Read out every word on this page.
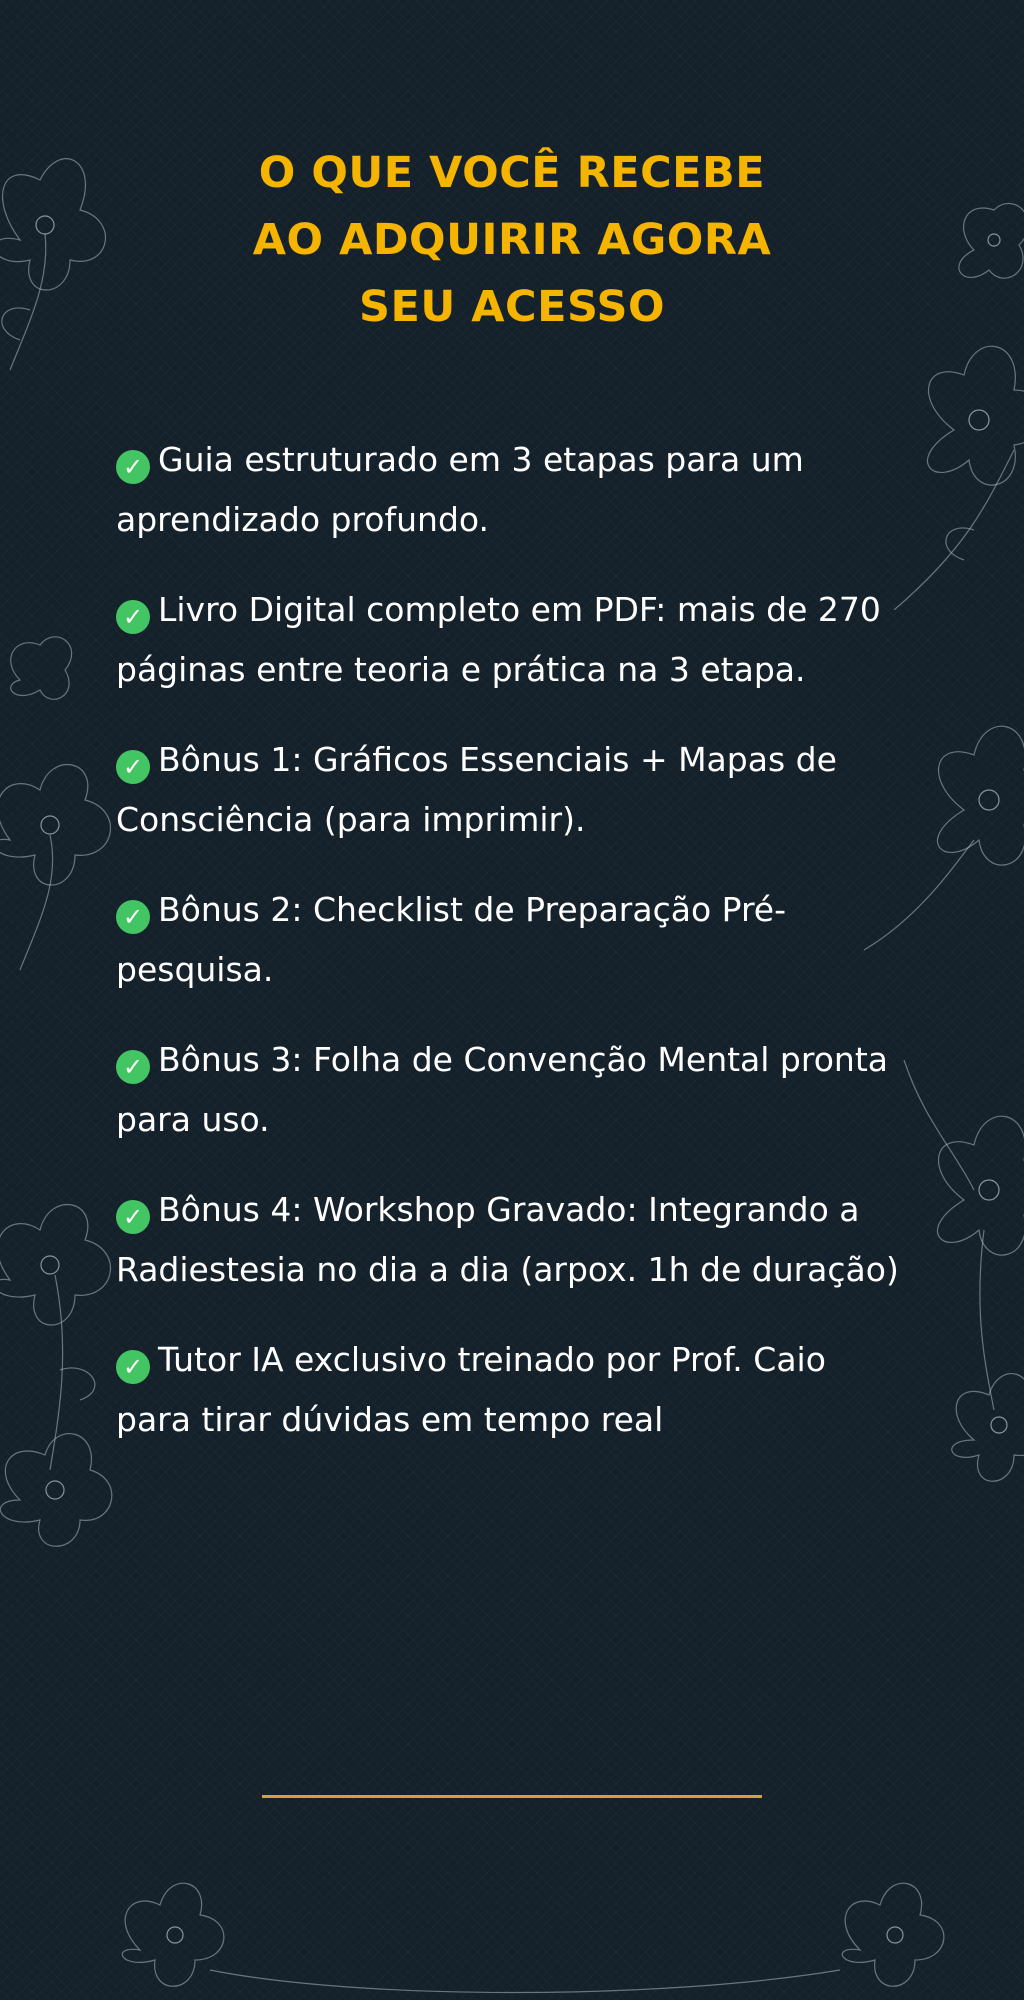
O QUE VOCÊ RECEBE
AO ADQUIRIR AGORA
SEU ACESSO
✓ Guia estruturado em 3 etapas para um aprendizado profundo.
✓ Livro Digital completo em PDF: mais de 270 páginas entre teoria e prática na 3 etapa.
✓ Bônus 1: Gráficos Essenciais + Mapas de Consciência (para imprimir).
✓ Bônus 2: Checklist de Preparação Pré-pesquisa.
✓ Bônus 3: Folha de Convenção Mental pronta para uso.
✓ Bônus 4: Workshop Gravado: Integrando a Radiestesia no dia a dia (arpox. 1h de duração)
✓ Tutor IA exclusivo treinado por Prof. Caio para tirar dúvidas em tempo real
